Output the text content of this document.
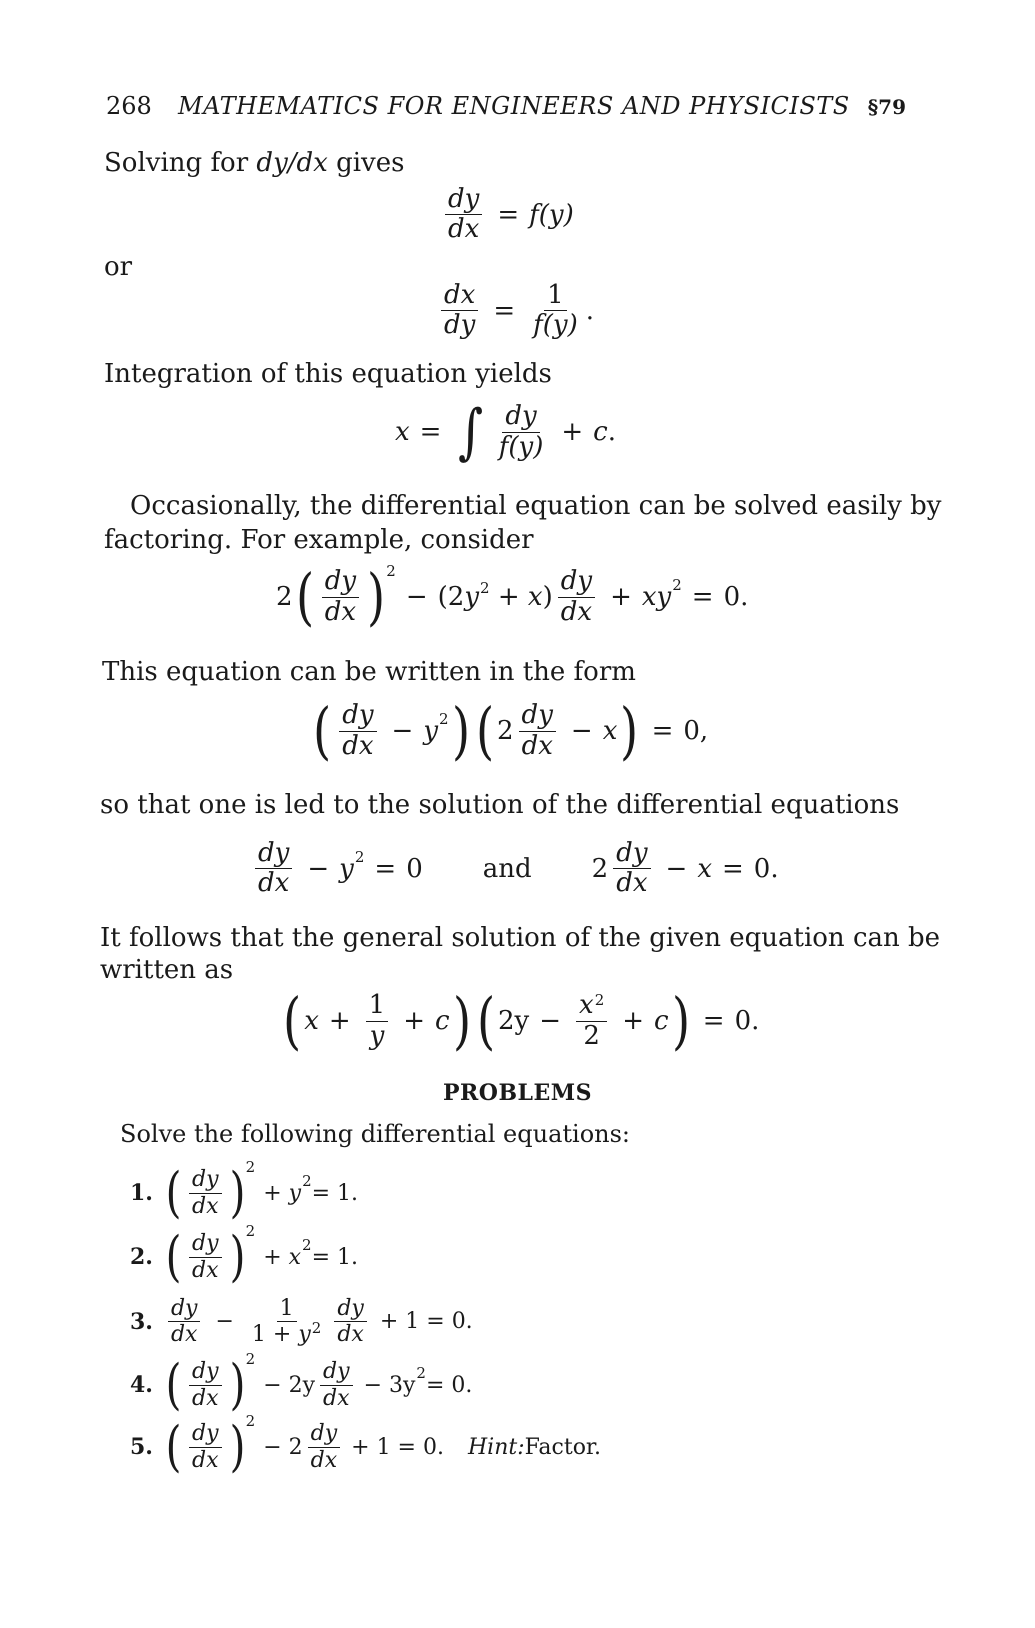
268 MATHEMATICS FOR ENGINEERS AND PHYSICISTS §79
Solving for dy/dx gives
$\frac{dy}{dx} = f(y)$
or
$\frac{dx}{dy} = \frac{1}{f(y)}$ .
Integration of this equation yields
x = ∫ $\frac{dy}{f(y)} + c$ .
Occasionally, the differential equation can be solved easily by
factoring. For example, consider
2 ( $\frac{dy}{dx}$ ) 2
− $(2y^2 + x) \frac{dy}{dx}$ + xy 2 = 0.
This equation can be written in the form
( $\frac{dy}{dx} - y$ 2 ) ( $2 \frac{dy}{dx} - x$ ) = 0,
so that one is led to the solution of the differential equations
$\frac{dy}{dx} - y$ 2 = 0 and $2 \frac{dy}{dx} - x = 0$.
It follows that the general solution of the given equation can be
written as
( $x + \frac{1}{y} + c$ ) ( $2y - \frac{x^2}{2} + c$ ) = 0.
PROBLEMS
Solve the following differential equations:
1. ( $\frac{dy}{dx}$ ) 2
+ y 2 = 1.
2. ( $\frac{dy}{dx}$ ) 2
+ x 2 = 1.
3. $\frac{dy}{dx} - \frac{1}{1 + y^2} \frac{dy}{dx} + 1 = 0$.
4. ( $\frac{dy}{dx}$ ) 2
− $2y \frac{dy}{dx} - 3y$ 2 = 0.
5. ( $\frac{dy}{dx}$ ) 2
− $2 \frac{dy}{dx} + 1 = 0$. Hint: Factor.
